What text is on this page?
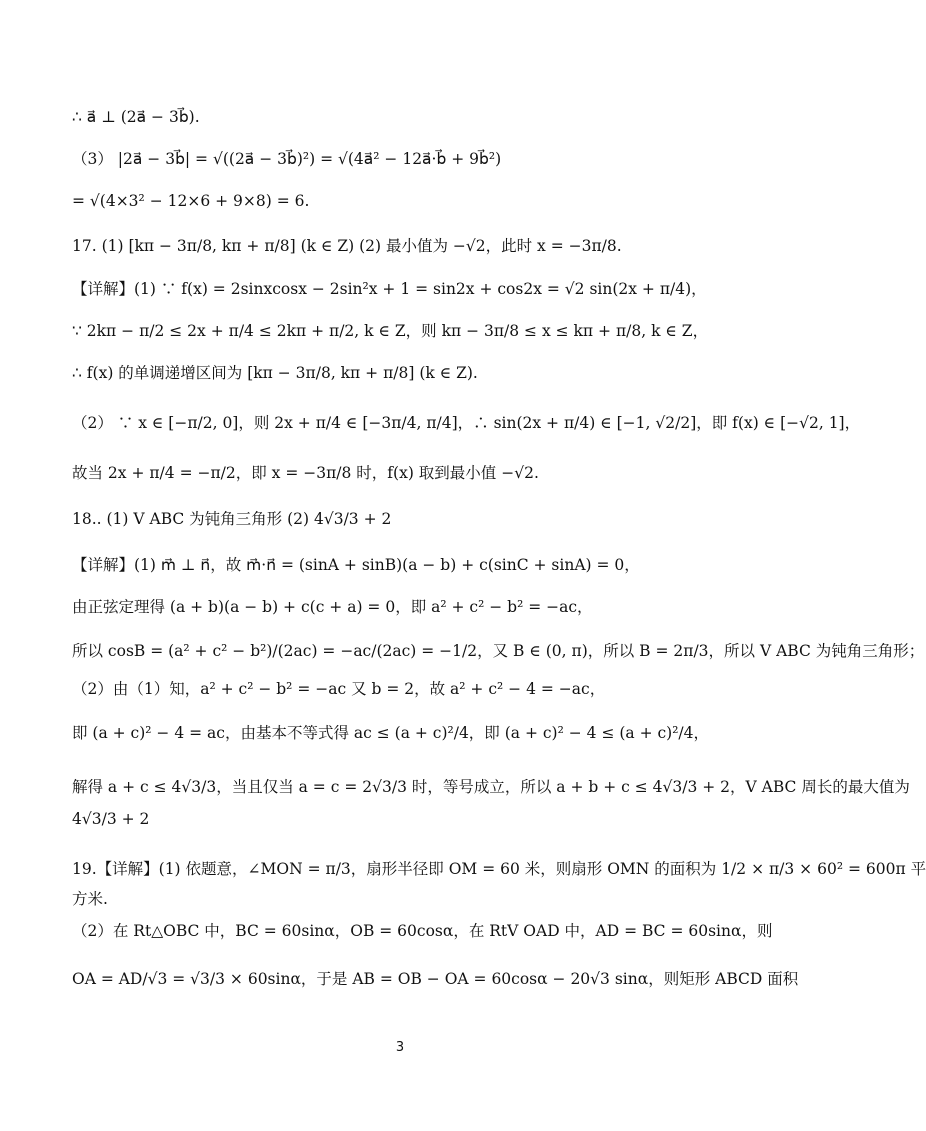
∴ a⃗ ⊥ (2a⃗ − 3b⃗).
（3） |2a⃗ − 3b⃗| = √((2a⃗ − 3b⃗)²) = √(4a⃗² − 12a⃗·b⃗ + 9b⃗²)
= √(4×3² − 12×6 + 9×8) = 6.
17. (1) [kπ − 3π/8, kπ + π/8] (k ∈ Z) (2) 最小值为 −√2，此时 x = −3π/8.
【详解】(1) ∵ f(x) = 2sinxcosx − 2sin²x + 1 = sin2x + cos2x = √2 sin(2x + π/4)，
∵ 2kπ − π/2 ≤ 2x + π/4 ≤ 2kπ + π/2, k ∈ Z，则 kπ − 3π/8 ≤ x ≤ kπ + π/8, k ∈ Z，
∴ f(x) 的单调递增区间为 [kπ − 3π/8, kπ + π/8] (k ∈ Z).
（2） ∵ x ∈ [−π/2, 0]，则 2x + π/4 ∈ [−3π/4, π/4]，∴ sin(2x + π/4) ∈ [−1, √2/2]，即 f(x) ∈ [−√2, 1]，
故当 2x + π/4 = −π/2，即 x = −3π/8 时，f(x) 取到最小值 −√2.
18.. (1) V ABC 为钝角三角形 (2) 4√3/3 + 2
【详解】(1) m⃗ ⊥ n⃗，故 m⃗·n⃗ = (sinA + sinB)(a − b) + c(sinC + sinA) = 0，
由正弦定理得 (a + b)(a − b) + c(c + a) = 0，即 a² + c² − b² = −ac，
所以 cosB = (a² + c² − b²)/(2ac) = −ac/(2ac) = −1/2，又 B ∈ (0, π)，所以 B = 2π/3，所以 V ABC 为钝角三角形；
（2）由（1）知，a² + c² − b² = −ac 又 b = 2，故 a² + c² − 4 = −ac，
即 (a + c)² − 4 = ac，由基本不等式得 ac ≤ (a + c)²/4，即 (a + c)² − 4 ≤ (a + c)²/4，
解得 a + c ≤ 4√3/3，当且仅当 a = c = 2√3/3 时，等号成立，所以 a + b + c ≤ 4√3/3 + 2，V ABC 周长的最大值为
4√3/3 + 2
19.【详解】(1) 依题意，∠MON = π/3，扇形半径即 OM = 60 米，则扇形 OMN 的面积为 1/2 × π/3 × 60² = 600π 平
方米.
（2）在 Rt△OBC 中，BC = 60sinα，OB = 60cosα，在 RtV OAD 中，AD = BC = 60sinα，则
OA = AD/√3 = √3/3 × 60sinα，于是 AB = OB − OA = 60cosα − 20√3 sinα，则矩形 ABCD 面积
3
